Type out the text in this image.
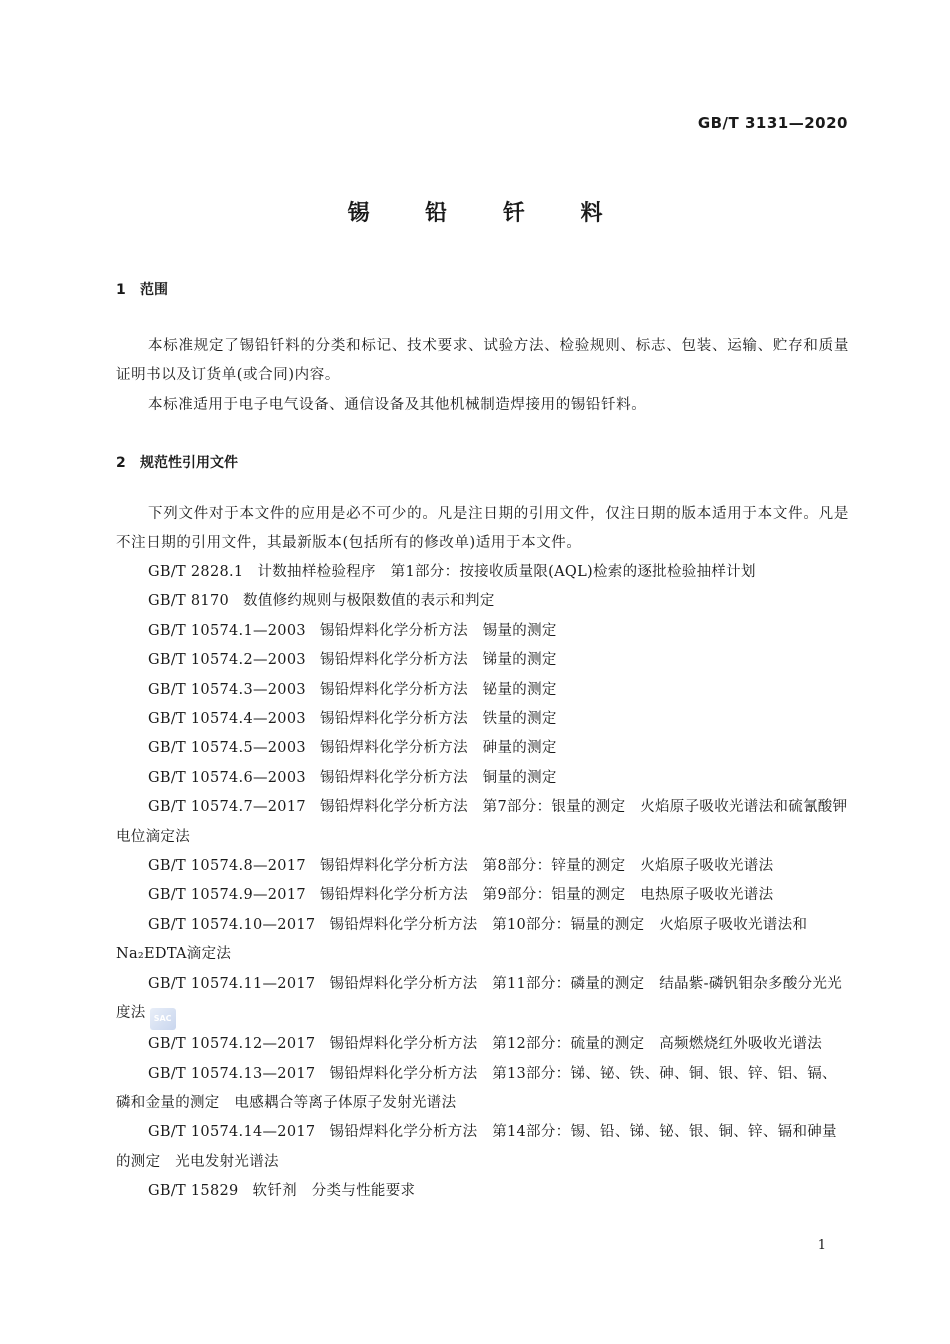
GB/T 3131—2020
锡 铅 钎 料
1 范围
本标准规定了锡铅钎料的分类和标记、技术要求、试验方法、检验规则、标志、包装、运输、贮存和质量证明书以及订货单(或合同)内容。
本标准适用于电子电气设备、通信设备及其他机械制造焊接用的锡铅钎料。
2 规范性引用文件
下列文件对于本文件的应用是必不可少的。凡是注日期的引用文件，仅注日期的版本适用于本文件。凡是不注日期的引用文件，其最新版本(包括所有的修改单)适用于本文件。
GB/T 2828.1 计数抽样检验程序　第1部分：按接收质量限(AQL)检索的逐批检验抽样计划
GB/T 8170 数值修约规则与极限数值的表示和判定
GB/T 10574.1—2003 锡铅焊料化学分析方法　锡量的测定
GB/T 10574.2—2003 锡铅焊料化学分析方法　锑量的测定
GB/T 10574.3—2003 锡铅焊料化学分析方法　铋量的测定
GB/T 10574.4—2003 锡铅焊料化学分析方法　铁量的测定
GB/T 10574.5—2003 锡铅焊料化学分析方法　砷量的测定
GB/T 10574.6—2003 锡铅焊料化学分析方法　铜量的测定
GB/T 10574.7—2017 锡铅焊料化学分析方法　第7部分：银量的测定　火焰原子吸收光谱法和硫氰酸钾电位滴定法
GB/T 10574.8—2017 锡铅焊料化学分析方法　第8部分：锌量的测定　火焰原子吸收光谱法
GB/T 10574.9—2017 锡铅焊料化学分析方法　第9部分：铝量的测定　电热原子吸收光谱法
GB/T 10574.10—2017 锡铅焊料化学分析方法　第10部分：镉量的测定　火焰原子吸收光谱法和Na₂EDTA滴定法
GB/T 10574.11—2017 锡铅焊料化学分析方法　第11部分：磷量的测定　结晶紫-磷钒钼杂多酸分光光度法 SAC
GB/T 10574.12—2017 锡铅焊料化学分析方法　第12部分：硫量的测定　高频燃烧红外吸收光谱法
GB/T 10574.13—2017 锡铅焊料化学分析方法　第13部分：锑、铋、铁、砷、铜、银、锌、铝、镉、磷和金量的测定　电感耦合等离子体原子发射光谱法
GB/T 10574.14—2017 锡铅焊料化学分析方法　第14部分：锡、铅、锑、铋、银、铜、锌、镉和砷量的测定　光电发射光谱法
GB/T 15829 软钎剂　分类与性能要求
1
